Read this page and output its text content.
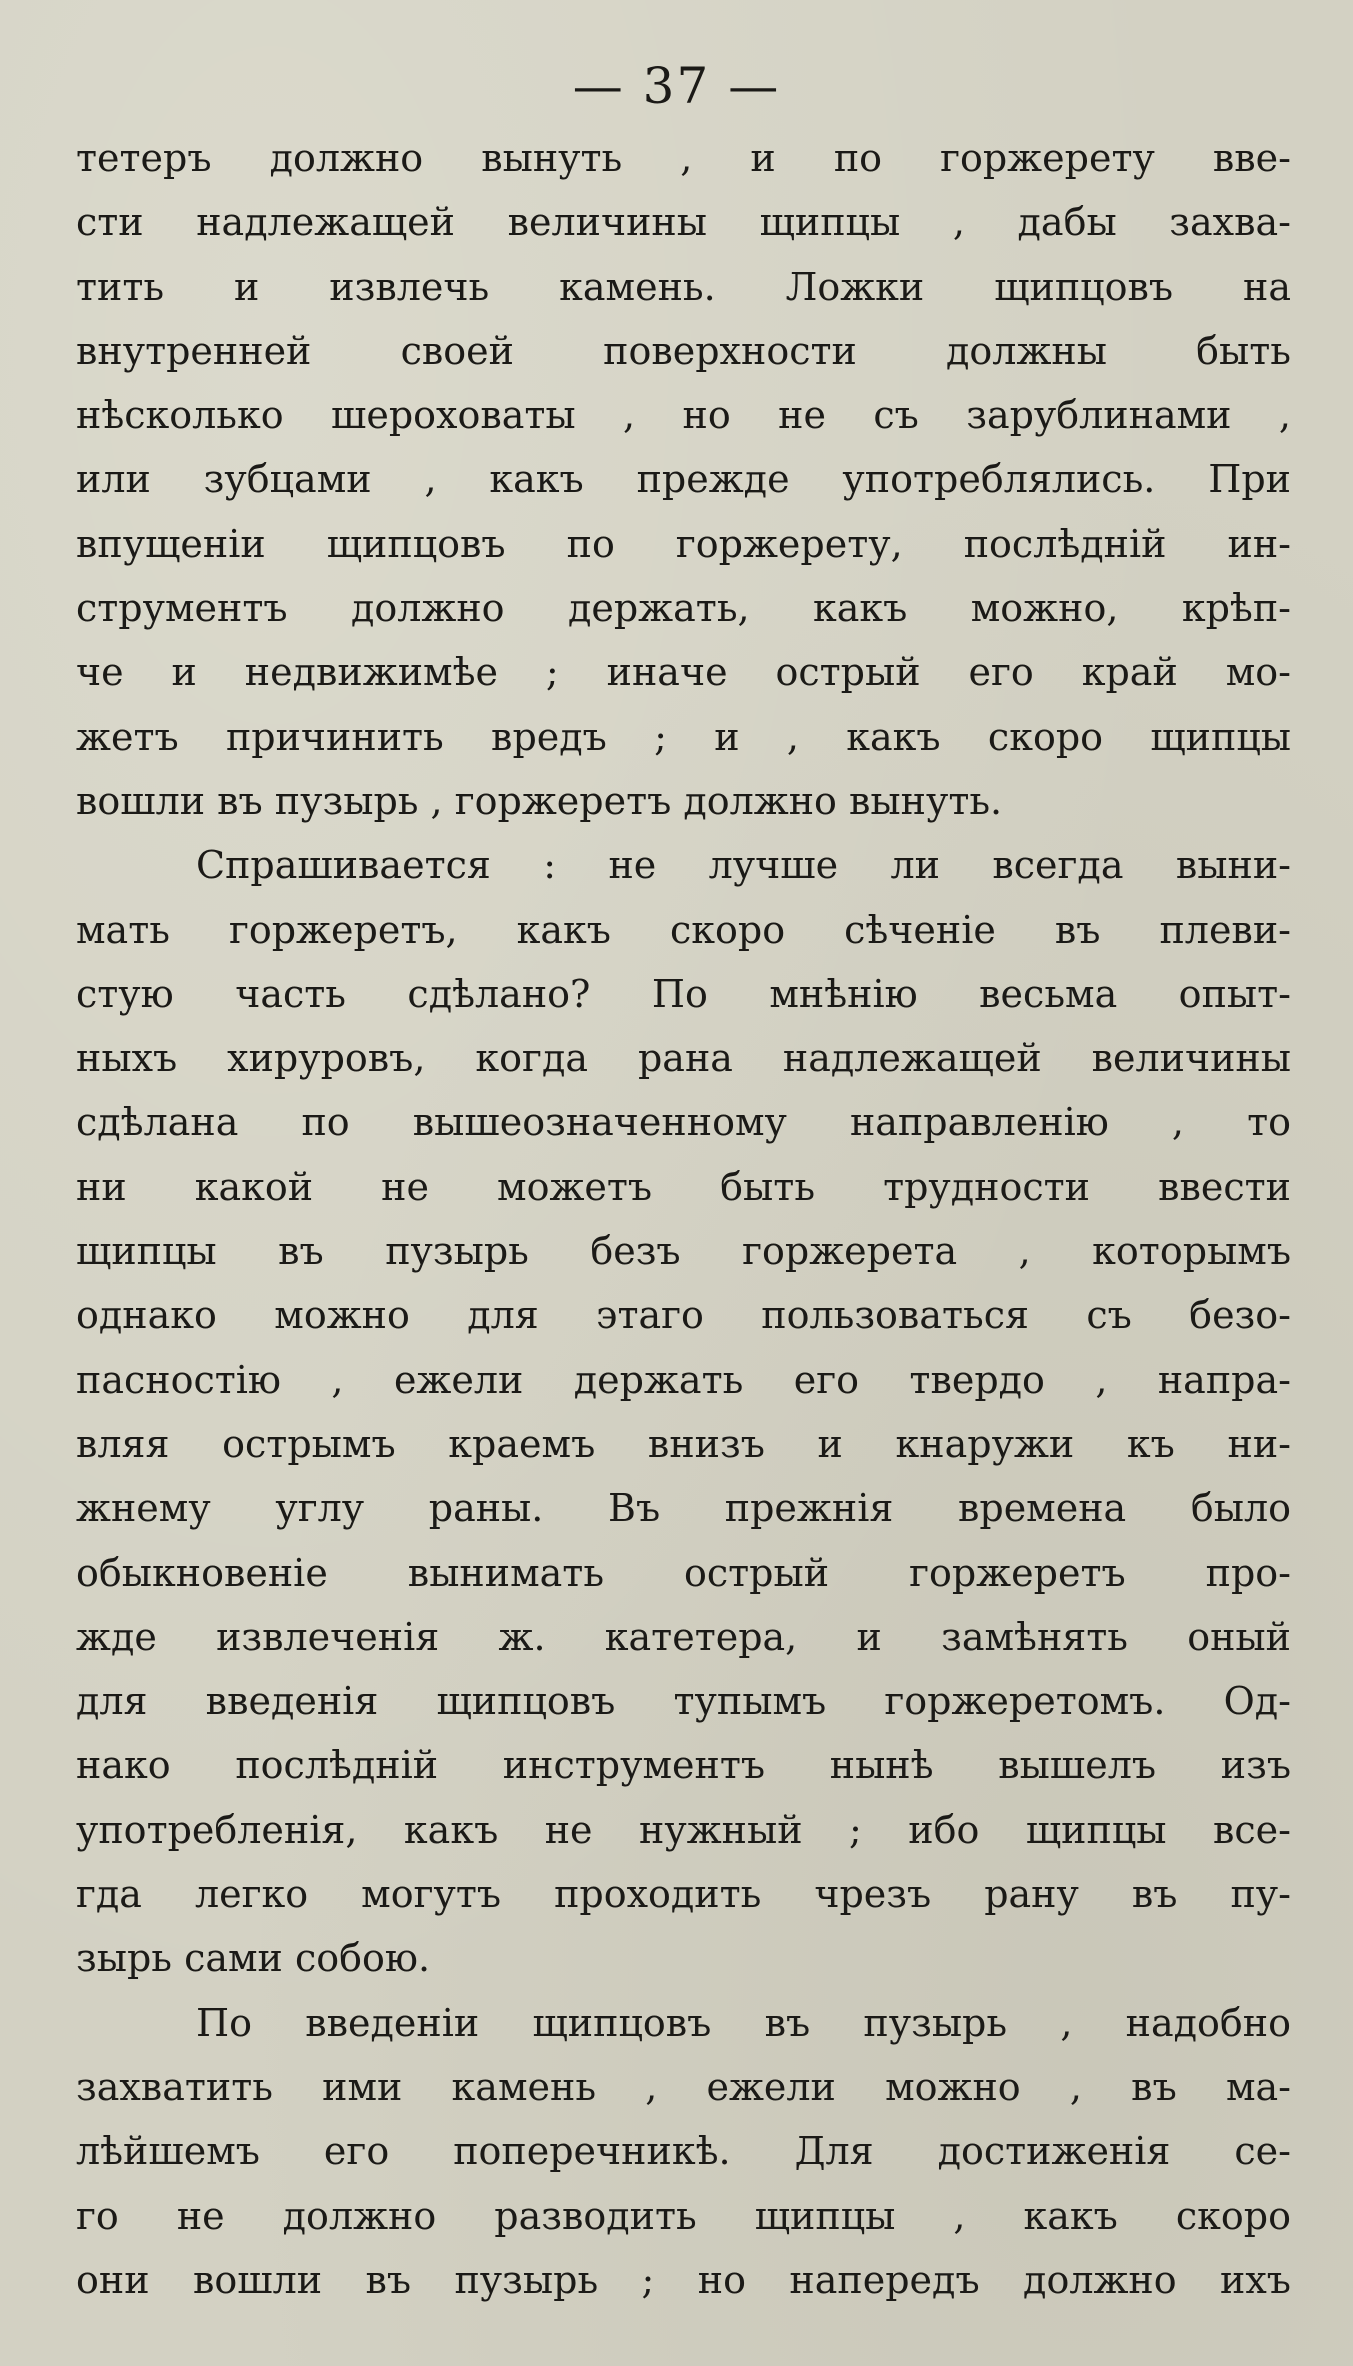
— 37 —
тетеръ должно вынуть , и по горжерету вве-
сти надлежащей величины щипцы , дабы захва-
тить и извлечь камень. Ложки щипцовъ на
внутренней своей поверхности должны быть
нѣсколько шероховаты , но не съ зарублинами ,
или зубцами , какъ прежде употреблялись. При
впущеніи щипцовъ по горжерету, послѣдній ин-
струментъ должно держать, какъ можно, крѣп-
че и недвижимѣе ; иначе острый его край мо-
жетъ причинить вредъ ; и , какъ скоро щипцы
вошли въ пузырь , горжеретъ должно вынуть.
Спрашивается : не лучше ли всегда выни-
мать горжеретъ, какъ скоро сѣченіе въ плеви-
стую часть сдѣлано? По мнѣнію весьма опыт-
ныхъ хируровъ, когда рана надлежащей величины
сдѣлана по вышеозначенному направленію , то
ни какой не можетъ быть трудности ввести
щипцы въ пузырь безъ горжерета , которымъ
однако можно для этаго пользоваться съ безо-
пасностію , ежели держать его твердо , напра-
вляя острымъ краемъ внизъ и кнаружи къ ни-
жнему углу раны. Въ прежнія времена было
обыкновеніе вынимать острый горжеретъ про-
жде извлеченія ж. катетера, и замѣнять оный
для введенія щипцовъ тупымъ горжеретомъ. Од-
нако послѣдній инструментъ нынѣ вышелъ изъ
употребленія, какъ не нужный ; ибо щипцы все-
гда легко могутъ проходить чрезъ рану въ пу-
зырь сами собою.
По введеніи щипцовъ въ пузырь , надобно
захватить ими камень , ежели можно , въ ма-
лѣйшемъ его поперечникѣ. Для достиженія се-
го не должно разводить щипцы , какъ скоро
они вошли въ пузырь ; но напередъ должно ихъ
